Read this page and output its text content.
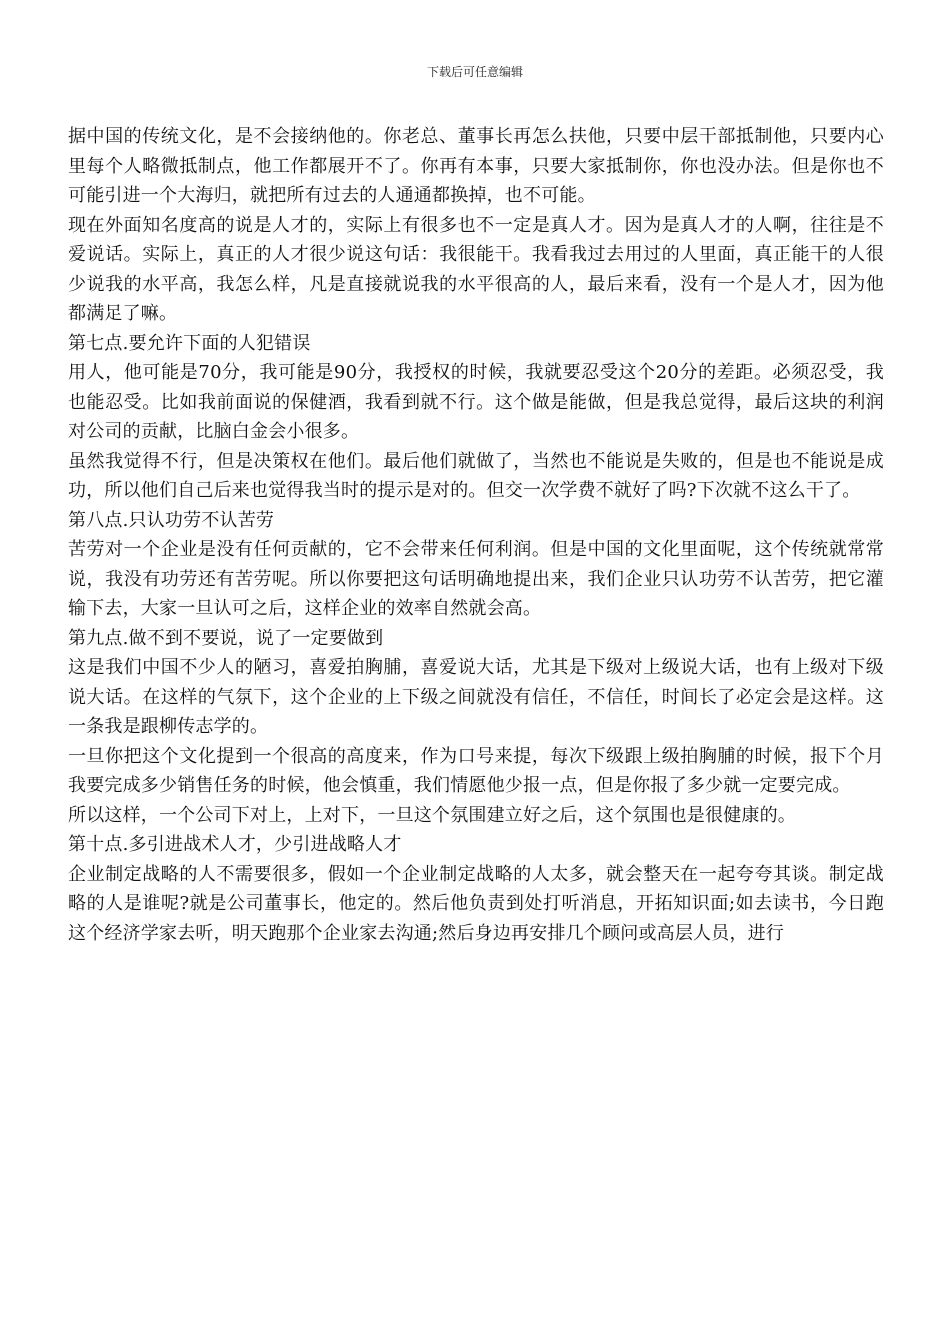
下载后可任意编辑

据中国的传统文化，是不会接纳他的。你老总、董事长再怎么扶他，只要中层干部抵制他，只要内心里每个人略微抵制点，他工作都展开不了。你再有本事，只要大家抵制你，你也没办法。但是你也不可能引进一个大海归，就把所有过去的人通通都换掉，也不可能。

现在外面知名度高的说是人才的，实际上有很多也不一定是真人才。因为是真人才的人啊，往往是不爱说话。实际上，真正的人才很少说这句话：我很能干。我看我过去用过的人里面，真正能干的人很少说我的水平高，我怎么样，凡是直接就说我的水平很高的人，最后来看，没有一个是人才，因为他都满足了嘛。

第七点.要允许下面的人犯错误

用人，他可能是70分，我可能是90分，我授权的时候，我就要忍受这个20分的差距。必须忍受，我也能忍受。比如我前面说的保健酒，我看到就不行。这个做是能做，但是我总觉得，最后这块的利润对公司的贡献，比脑白金会小很多。

虽然我觉得不行，但是决策权在他们。最后他们就做了，当然也不能说是失败的，但是也不能说是成功，所以他们自己后来也觉得我当时的提示是对的。但交一次学费不就好了吗?下次就不这么干了。

第八点.只认功劳不认苦劳

苦劳对一个企业是没有任何贡献的，它不会带来任何利润。但是中国的文化里面呢，这个传统就常常说，我没有功劳还有苦劳呢。所以你要把这句话明确地提出来，我们企业只认功劳不认苦劳，把它灌输下去，大家一旦认可之后，这样企业的效率自然就会高。

第九点.做不到不要说，说了一定要做到

这是我们中国不少人的陋习，喜爱拍胸脯，喜爱说大话，尤其是下级对上级说大话，也有上级对下级说大话。在这样的气氛下，这个企业的上下级之间就没有信任，不信任，时间长了必定会是这样。这一条我是跟柳传志学的。

一旦你把这个文化提到一个很高的高度来，作为口号来提，每次下级跟上级拍胸脯的时候，报下个月我要完成多少销售任务的时候，他会慎重，我们情愿他少报一点，但是你报了多少就一定要完成。

所以这样，一个公司下对上，上对下，一旦这个氛围建立好之后，这个氛围也是很健康的。

第十点.多引进战术人才，少引进战略人才

企业制定战略的人不需要很多，假如一个企业制定战略的人太多，就会整天在一起夸夸其谈。制定战略的人是谁呢?就是公司董事长，他定的。然后他负责到处打听消息，开拓知识面;如去读书，今日跑这个经济学家去听，明天跑那个企业家去沟通;然后身边再安排几个顾问或高层人员，进行
